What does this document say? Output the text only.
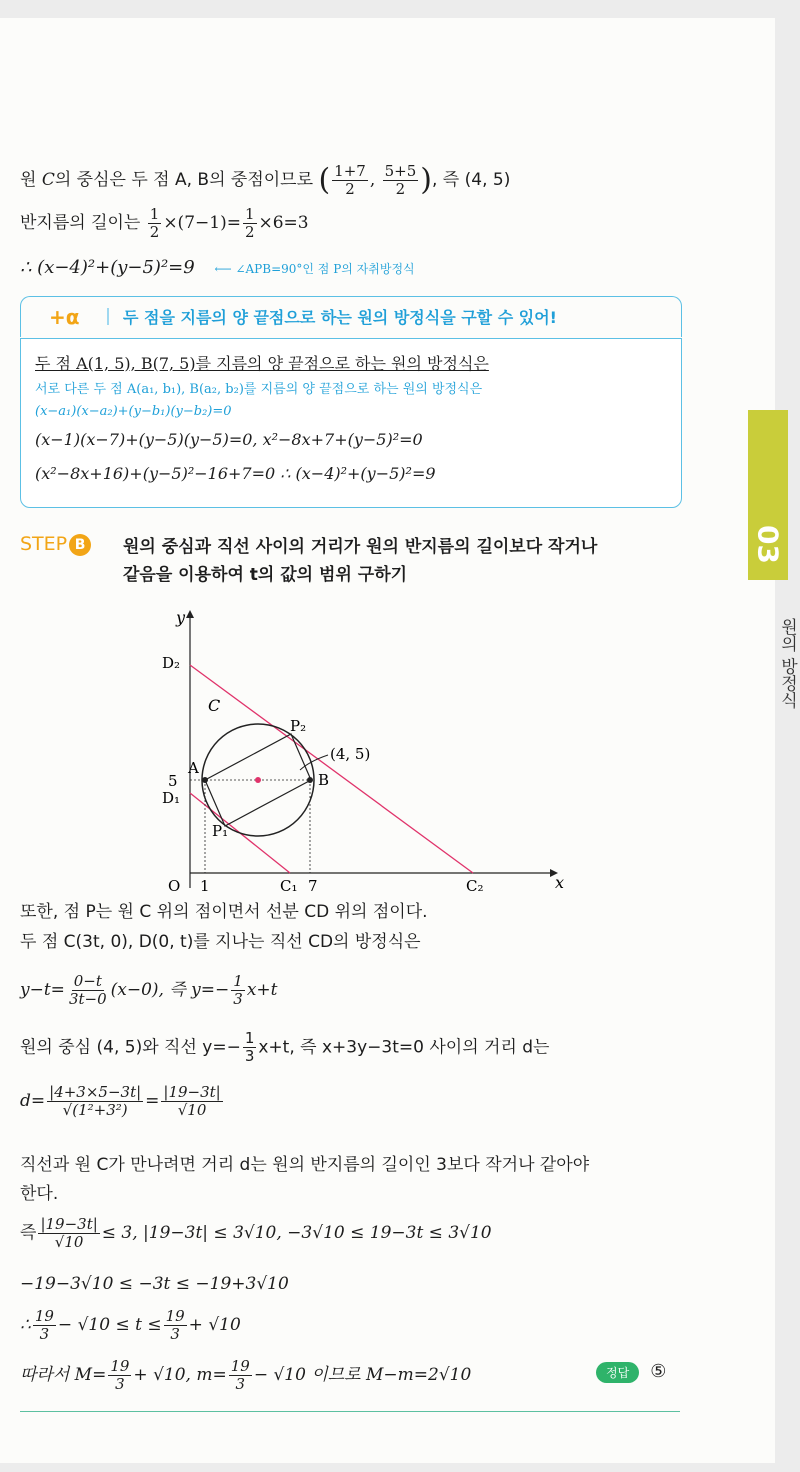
원 C의 중심은 두 점 A, B의 중점이므로 ( $\frac{1+7}{2}$ , $\frac{5+5}{2}$ ), 즉 (4, 5)
반지름의 길이는 $\frac{1}{2} \times(7-1)= \frac{1}{2} \times 6=3$
∴ (x−4)²+(y−5)²=9 ⟵ ∠APB=90°인 점 P의 자취방정식
+α	두 점을 지름의 양 끝점으로 하는 원의 방정식을 구할 수 있어!
두 점 A(1, 5), B(7, 5)를 지름의 양 끝점으로 하는 원의 방정식은
서로 다른 두 점 A(a₁, b₁), B(a₂, b₂)를 지름의 양 끝점으로 하는 원의 방정식은
(x−a₁)(x−a₂)+(y−b₁)(y−b₂)=0
(x−1)(x−7)+(y−5)(y−5)=0, x²−8x+7+(y−5)²=0
(x²−8x+16)+(y−5)²−16+7=0 ∴ (x−4)²+(y−5)²=9
STEP B	원의 중심과 직선 사이의 거리가 원의 반지름의 길이보다 작거나
같음을 이용하여 t의 값의 범위 구하기
y
x
O 1	7
5
A
B
C
C₁	C₂
D₁
D₂
P₁
P₂
(4, 5)
또한, 점 P는 원 C 위의 점이면서 선분 CD 위의 점이다.
두 점 C(3t, 0), D(0, t)를 지나는 직선 CD의 방정식은
$y-t= \frac{0-t}{3t-0} (x-0)$, 즉 $y=- \frac{1}{3} x+t$
원의 중심 (4, 5)와 직선 $y=- \frac{1}{3} x+t$, 즉 x+3y−3t=0 사이의 거리 d는
$d= \frac{|4+3\times 5-3t|}{\text{√(1²+3²)}} = \frac{|19-3t|}{√10}$
직선과 원 C가 만나려면 거리 d는 원의 반지름의 길이인 3보다 작거나 같아야
한다.
즉 $\frac{|19-3t|}{√10} \le 3$, |19−3t| ≤ 3√10, −3√10 ≤ 19−3t ≤ 3√10
−19−3√10 ≤ −3t ≤ −19+3√10
∴ $\frac{19}{3} - √10 \le t \le \frac{19}{3} + √10$
따라서 $M= \frac{19}{3} + √10$, $m= \frac{19}{3} - √10$ 이므로 M−m=2√10	정답 ⑤
03
원의 방정식
